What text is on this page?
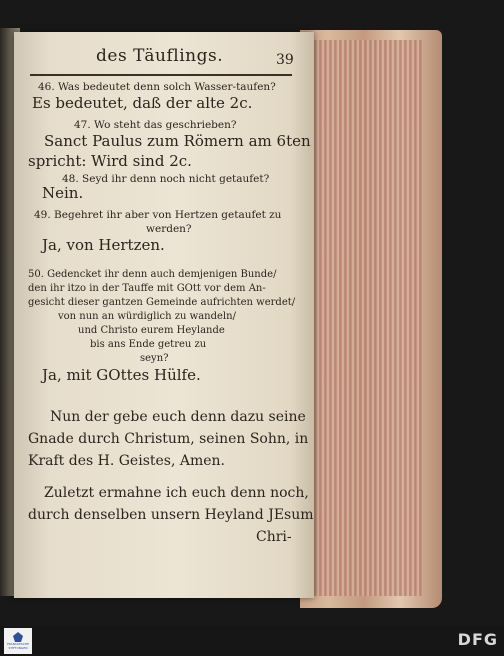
des Täuflings.	39
46. Was bedeutet denn solch Wasser-taufen?
Es bedeutet, daß der alte 2c.
47. Wo steht das geschrieben?
Sanct Paulus zum Römern am 6ten
spricht: Wird sind 2c.
48. Seyd ihr denn noch nicht getaufet?
Nein.
49. Begehret ihr aber von Hertzen getaufet zu
werden?
Ja, von Hertzen.
50. Gedencket ihr denn auch demjenigen Bunde/
den ihr itzo in der Tauffe mit GOtt vor dem An-
gesicht dieser gantzen Gemeinde aufrichten werdet/
von nun an würdiglich zu wandeln/
und Christo eurem Heylande
bis ans Ende getreu zu
seyn?
Ja, mit GOttes Hülfe.
Nun der gebe euch denn dazu seine
Gnade durch Christum, seinen Sohn, in
Kraft des H. Geistes, Amen.
Zuletzt ermahne ich euch denn noch,
durch denselben unsern Heyland JEsum
Chri-
FRANCKESCHE STIFTUNGEN	DFG
